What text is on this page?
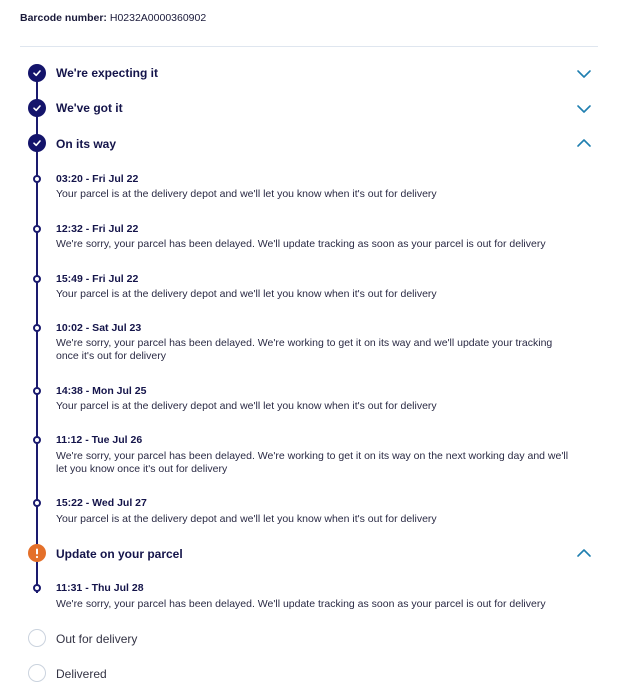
Barcode number: H0232A0000360902
We're expecting it
We've got it
On its way
03:20 - Fri Jul 22
Your parcel is at the delivery depot and we'll let you know when it's out for delivery
12:32 - Fri Jul 22
We're sorry, your parcel has been delayed. We'll update tracking as soon as your parcel is out for delivery
15:49 - Fri Jul 22
Your parcel is at the delivery depot and we'll let you know when it's out for delivery
10:02 - Sat Jul 23
We're sorry, your parcel has been delayed. We're working to get it on its way and we'll update your tracking once it's out for delivery
14:38 - Mon Jul 25
Your parcel is at the delivery depot and we'll let you know when it's out for delivery
11:12 - Tue Jul 26
We're sorry, your parcel has been delayed. We're working to get it on its way on the next working day and we'll let you know once it's out for delivery
15:22 - Wed Jul 27
Your parcel is at the delivery depot and we'll let you know when it's out for delivery
Update on your parcel
11:31 - Thu Jul 28
We're sorry, your parcel has been delayed. We'll update tracking as soon as your parcel is out for delivery
Out for delivery
Delivered
